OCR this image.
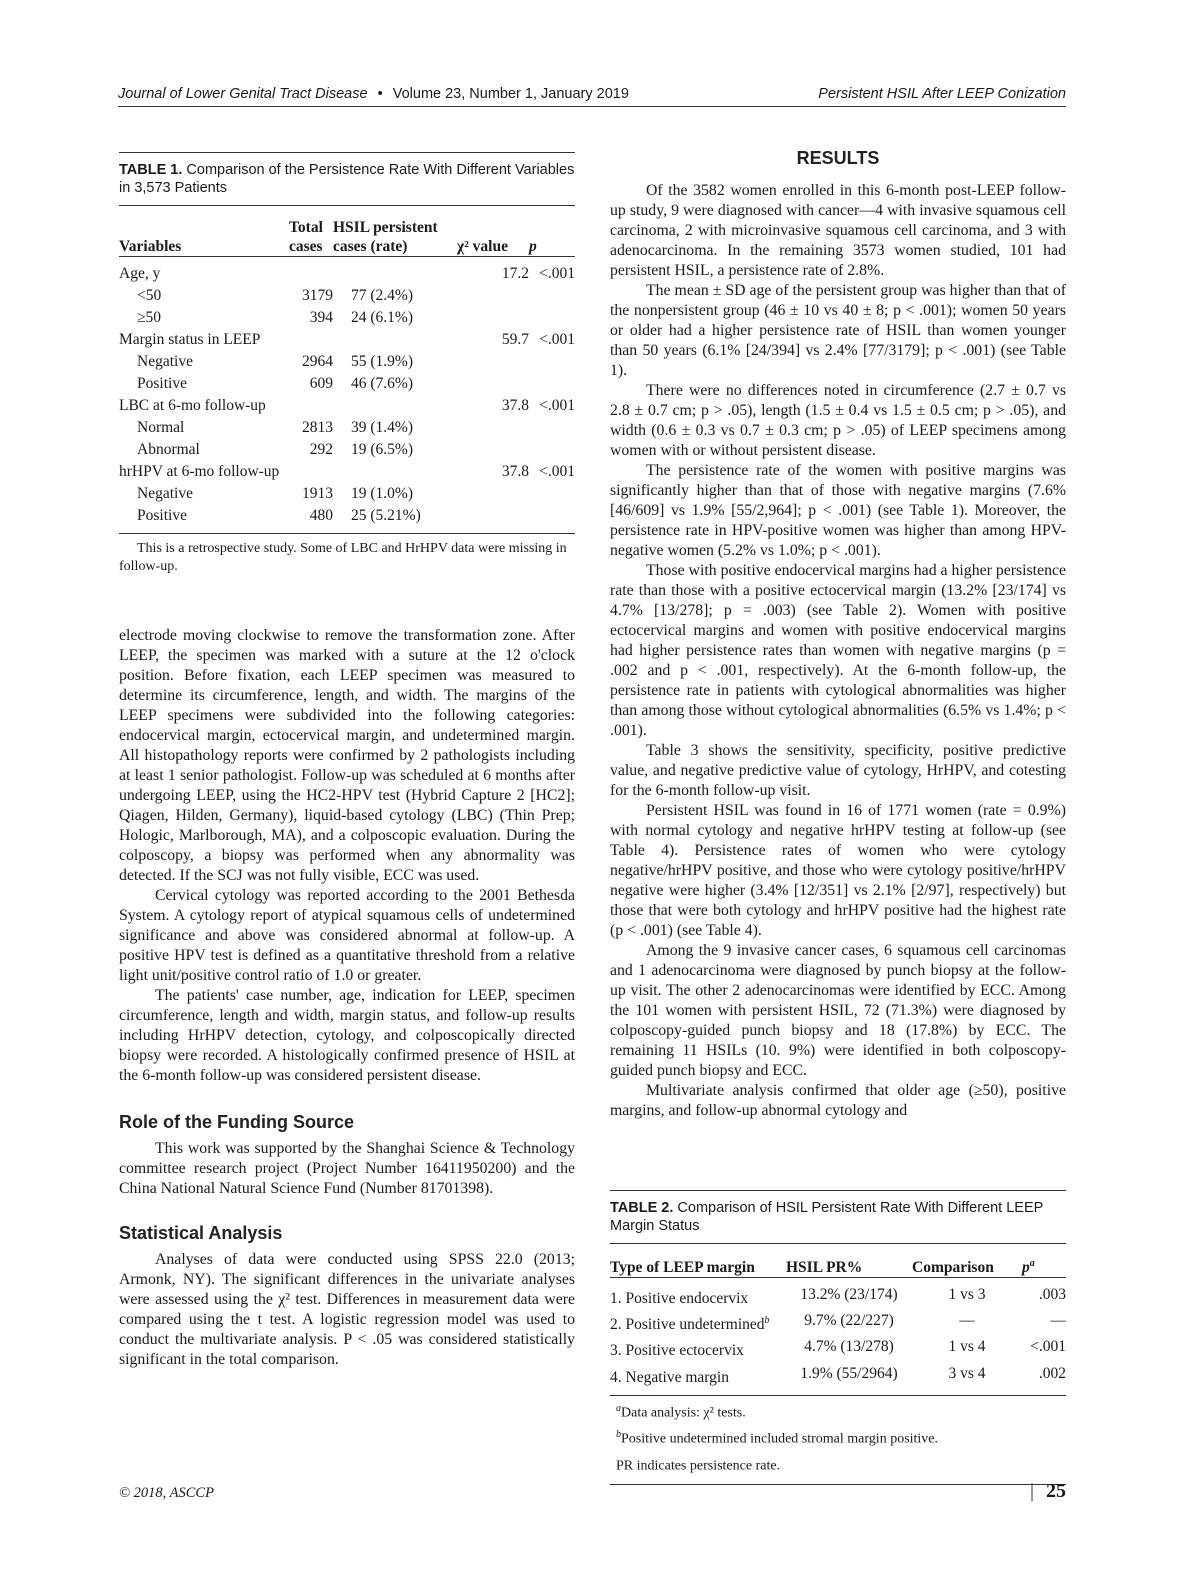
Journal of Lower Genital Tract Disease • Volume 23, Number 1, January 2019	Persistent HSIL After LEEP Conization
TABLE 1. Comparison of the Persistence Rate With Different Variables in 3,573 Patients
Variables	Total cases	HSIL persistent cases (rate)	χ² value	p
Age, y			17.2	<.001
<50	3179	77 (2.4%)		
≥50	394	24 (6.1%)		
Margin status in LEEP			59.7	<.001
Negative	2964	55 (1.9%)		
Positive	609	46 (7.6%)		
LBC at 6-mo follow-up			37.8	<.001
Normal	2813	39 (1.4%)		
Abnormal	292	19 (6.5%)		
hrHPV at 6-mo follow-up			37.8	<.001
Negative	1913	19 (1.0%)		
Positive	480	25 (5.21%)		

This is a retrospective study. Some of LBC and HrHPV data were missing in follow-up.

electrode moving clockwise to remove the transformation zone. After LEEP, the specimen was marked with a suture at the 12 o'clock position. Before fixation, each LEEP specimen was measured to determine its circumference, length, and width. The margins of the LEEP specimens were subdivided into the following categories: endocervical margin, ectocervical margin, and undetermined margin. All histopathology reports were confirmed by 2 pathologists including at least 1 senior pathologist. Follow-up was scheduled at 6 months after undergoing LEEP, using the HC2-HPV test (Hybrid Capture 2 [HC2]; Qiagen, Hilden, Germany), liquid-based cytology (LBC) (Thin Prep; Hologic, Marlborough, MA), and a colposcopic evaluation. During the colposcopy, a biopsy was performed when any abnormality was detected. If the SCJ was not fully visible, ECC was used.

Cervical cytology was reported according to the 2001 Bethesda System. A cytology report of atypical squamous cells of undetermined significance and above was considered abnormal at follow-up. A positive HPV test is defined as a quantitative threshold from a relative light unit/positive control ratio of 1.0 or greater.

The patients' case number, age, indication for LEEP, specimen circumference, length and width, margin status, and follow-up results including HrHPV detection, cytology, and colposcopically directed biopsy were recorded. A histologically confirmed presence of HSIL at the 6-month follow-up was considered persistent disease.

Role of the Funding Source

This work was supported by the Shanghai Science & Technology committee research project (Project Number 16411950200) and the China National Natural Science Fund (Number 81701398).

Statistical Analysis

Analyses of data were conducted using SPSS 22.0 (2013; Armonk, NY). The significant differences in the univariate analyses were assessed using the χ² test. Differences in measurement data were compared using the t test. A logistic regression model was used to conduct the multivariate analysis. P < .05 was considered statistically significant in the total comparison.

RESULTS

Of the 3582 women enrolled in this 6-month post-LEEP follow-up study, 9 were diagnosed with cancer—4 with invasive squamous cell carcinoma, 2 with microinvasive squamous cell carcinoma, and 3 with adenocarcinoma. In the remaining 3573 women studied, 101 had persistent HSIL, a persistence rate of 2.8%.

The mean ± SD age of the persistent group was higher than that of the nonpersistent group (46 ± 10 vs 40 ± 8; p < .001); women 50 years or older had a higher persistence rate of HSIL than women younger than 50 years (6.1% [24/394] vs 2.4% [77/3179]; p < .001) (see Table 1).

There were no differences noted in circumference (2.7 ± 0.7 vs 2.8 ± 0.7 cm; p > .05), length (1.5 ± 0.4 vs 1.5 ± 0.5 cm; p > .05), and width (0.6 ± 0.3 vs 0.7 ± 0.3 cm; p > .05) of LEEP specimens among women with or without persistent disease.

The persistence rate of the women with positive margins was significantly higher than that of those with negative margins (7.6% [46/609] vs 1.9% [55/2,964]; p < .001) (see Table 1). Moreover, the persistence rate in HPV-positive women was higher than among HPV-negative women (5.2% vs 1.0%; p < .001).

Those with positive endocervical margins had a higher persistence rate than those with a positive ectocervical margin (13.2% [23/174] vs 4.7% [13/278]; p = .003) (see Table 2). Women with positive ectocervical margins and women with positive endocervical margins had higher persistence rates than women with negative margins (p = .002 and p < .001, respectively). At the 6-month follow-up, the persistence rate in patients with cytological abnormalities was higher than among those without cytological abnormalities (6.5% vs 1.4%; p < .001).

Table 3 shows the sensitivity, specificity, positive predictive value, and negative predictive value of cytology, HrHPV, and cotesting for the 6-month follow-up visit.

Persistent HSIL was found in 16 of 1771 women (rate = 0.9%) with normal cytology and negative hrHPV testing at follow-up (see Table 4). Persistence rates of women who were cytology negative/hrHPV positive, and those who were cytology positive/hrHPV negative were higher (3.4% [12/351] vs 2.1% [2/97], respectively) but those that were both cytology and hrHPV positive had the highest rate (p < .001) (see Table 4).

Among the 9 invasive cancer cases, 6 squamous cell carcinomas and 1 adenocarcinoma were diagnosed by punch biopsy at the follow-up visit. The other 2 adenocarcinomas were identified by ECC. Among the 101 women with persistent HSIL, 72 (71.3%) were diagnosed by colposcopy-guided punch biopsy and 18 (17.8%) by ECC. The remaining 11 HSILs (10. 9%) were identified in both colposcopy-guided punch biopsy and ECC.

Multivariate analysis confirmed that older age (≥50), positive margins, and follow-up abnormal cytology and

TABLE 2. Comparison of HSIL Persistent Rate With Different LEEP Margin Status
Type of LEEP margin	HSIL PR%	Comparison	$p^a$
1. Positive endocervix	13.2% (23/174)	1 vs 3	.003
2. Positive undetermined$^b$	9.7% (22/227)	—	—
3. Positive ectocervix	4.7% (13/278)	1 vs 4	<.001
4. Negative margin	1.9% (55/2964)	3 vs 4	.002
$^a$Data analysis: χ² tests.
$^b$Positive undetermined included stromal margin positive.
PR indicates persistence rate.
© 2018, ASCCP	| 25
